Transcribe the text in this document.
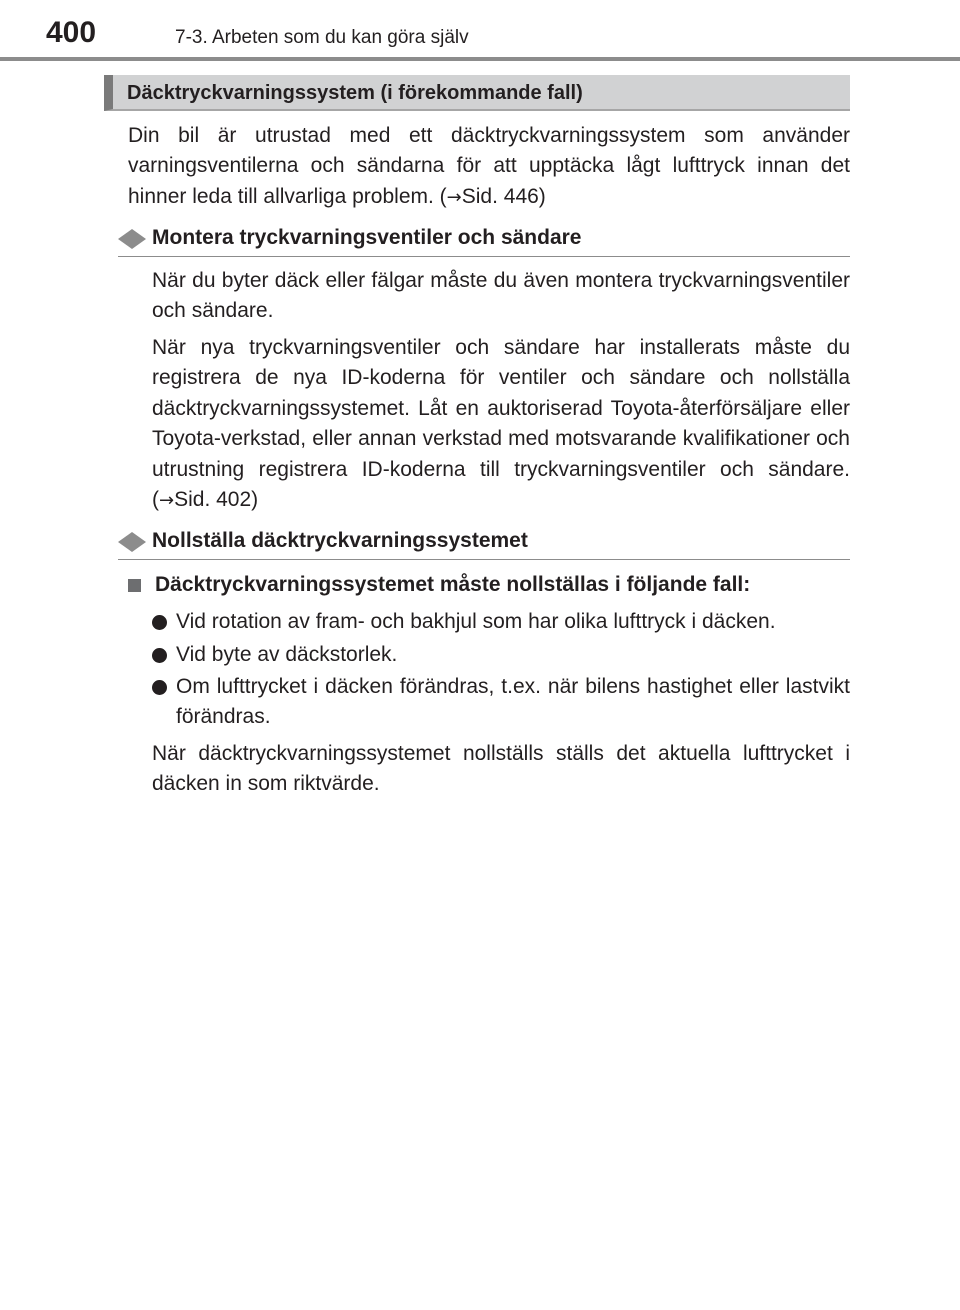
400	7-3. Arbeten som du kan göra själv
Däcktryckvarningssystem (i förekommande fall)

Din bil är utrustad med ett däcktryckvarningssystem som använder varningsventilerna och sändarna för att upptäcka lågt lufttryck innan det hinner leda till allvarliga problem. (→Sid. 446)

Montera tryckvarningsventiler och sändare

När du byter däck eller fälgar måste du även montera tryckvarningsventiler och sändare.

När nya tryckvarningsventiler och sändare har installerats måste du registrera de nya ID-koderna för ventiler och sändare och nollställa däcktryckvarningssystemet. Låt en auktoriserad Toyota-återförsäljare eller Toyota-verkstad, eller annan verkstad med motsvarande kvalifikationer och utrustning registrera ID-koderna till tryckvarningsventiler och sändare. (→Sid. 402)

Nollställa däcktryckvarningssystemet
Däcktryckvarningssystemet måste nollställas i följande fall:

Vid rotation av fram- och bakhjul som har olika lufttryck i däcken.

Vid byte av däckstorlek.

Om lufttrycket i däcken förändras, t.ex. när bilens hastighet eller lastvikt förändras.

När däcktryckvarningssystemet nollställs ställs det aktuella lufttrycket i däcken in som riktvärde.
